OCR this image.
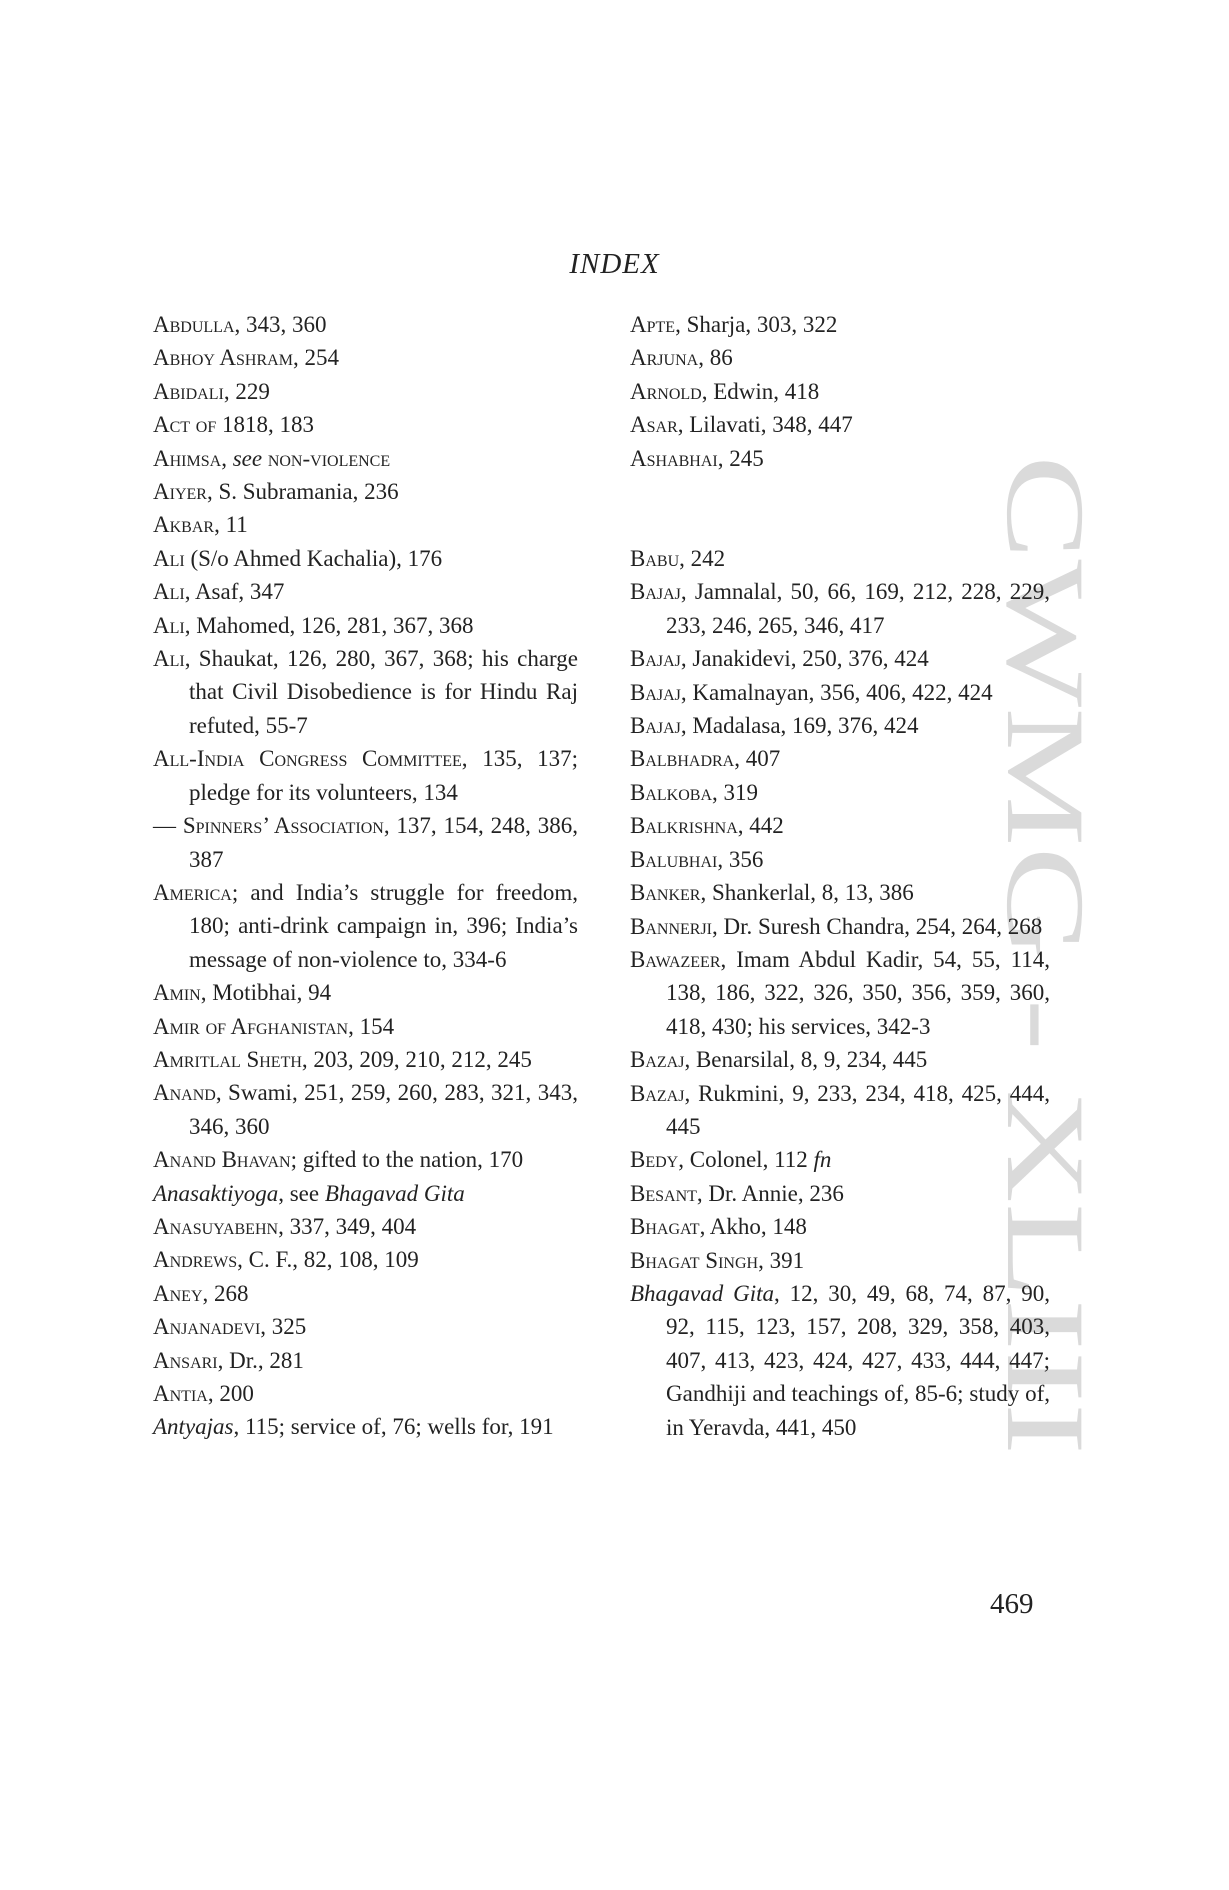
CWMG - XLIII
INDEX
Abdulla, 343, 360
Abhoy Ashram, 254
Abidali, 229
Act of 1818, 183
Ahimsa, see non-violence
Aiyer, S. Subramania, 236
Akbar, 11
Ali (S/o Ahmed Kachalia), 176
Ali, Asaf, 347
Ali, Mahomed, 126, 281, 367, 368
Ali, Shaukat, 126, 280, 367, 368; his charge that Civil Disobedience is for Hindu Raj refuted, 55-7
All-India Congress Committee, 135, 137; pledge for its volunteers, 134
— Spinners’ Association, 137, 154, 248, 386, 387
America; and India’s struggle for freedom, 180; anti-drink campaign in, 396; India’s message of non-violence to, 334-6
Amin, Motibhai, 94
Amir of Afghanistan, 154
Amritlal Sheth, 203, 209, 210, 212, 245
Anand, Swami, 251, 259, 260, 283, 321, 343, 346, 360
Anand Bhavan; gifted to the nation, 170
Anasaktiyoga, see Bhagavad Gita
Anasuyabehn, 337, 349, 404
Andrews, C. F., 82, 108, 109
Aney, 268
Anjanadevi, 325
Ansari, Dr., 281
Antia, 200
Antyajas, 115; service of, 76; wells for, 191
Apte, Sharja, 303, 322
Arjuna, 86
Arnold, Edwin, 418
Asar, Lilavati, 348, 447
Ashabhai, 245
Babu, 242
Bajaj, Jamnalal, 50, 66, 169, 212, 228, 229, 233, 246, 265, 346, 417
Bajaj, Janakidevi, 250, 376, 424
Bajaj, Kamalnayan, 356, 406, 422, 424
Bajaj, Madalasa, 169, 376, 424
Balbhadra, 407
Balkoba, 319
Balkrishna, 442
Balubhai, 356
Banker, Shankerlal, 8, 13, 386
Bannerji, Dr. Suresh Chandra, 254, 264, 268
Bawazeer, Imam Abdul Kadir, 54, 55, 114, 138, 186, 322, 326, 350, 356, 359, 360, 418, 430; his services, 342-3
Bazaj, Benarsilal, 8, 9, 234, 445
Bazaj, Rukmini, 9, 233, 234, 418, 425, 444, 445
Bedy, Colonel, 112 fn
Besant, Dr. Annie, 236
Bhagat, Akho, 148
Bhagat Singh, 391
Bhagavad Gita, 12, 30, 49, 68, 74, 87, 90, 92, 115, 123, 157, 208, 329, 358, 403, 407, 413, 423, 424, 427, 433, 444, 447; Gandhiji and teachings of, 85-6; study of, in Yeravda, 441, 450
469
